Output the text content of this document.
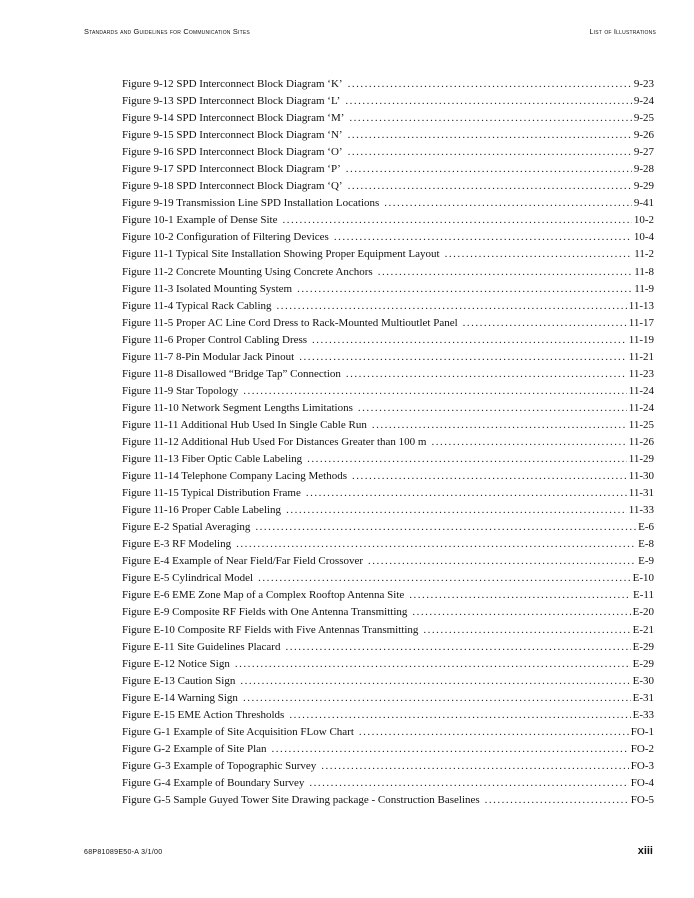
Standards and Guidelines for Communication Sites	List of Illustrations
Figure 9-12 SPD Interconnect Block Diagram ‘K’ .....	9-23
Figure 9-13 SPD Interconnect Block Diagram ‘L’ .....	9-24
Figure 9-14 SPD Interconnect Block Diagram ‘M’ .....	9-25
Figure 9-15 SPD Interconnect Block Diagram ‘N’ .....	9-26
Figure 9-16 SPD Interconnect Block Diagram ‘O’ .....	9-27
Figure 9-17 SPD Interconnect Block Diagram ‘P’ .....	9-28
Figure 9-18 SPD Interconnect Block Diagram ‘Q’ .....	9-29
Figure 9-19 Transmission Line SPD Installation Locations .....	9-41
Figure 10-1 Example of Dense Site .....	10-2
Figure 10-2 Configuration of Filtering Devices .....	10-4
Figure 11-1 Typical Site Installation Showing Proper Equipment Layout .....	11-2
Figure 11-2 Concrete Mounting Using Concrete Anchors .....	11-8
Figure 11-3 Isolated Mounting System .....	11-9
Figure 11-4 Typical Rack Cabling .....	11-13
Figure 11-5 Proper AC Line Cord Dress to Rack-Mounted Multioutlet Panel .....	11-17
Figure 11-6 Proper Control Cabling Dress .....	11-19
Figure 11-7 8-Pin Modular Jack Pinout .....	11-21
Figure 11-8 Disallowed “Bridge Tap” Connection .....	11-23
Figure 11-9 Star Topology .....	11-24
Figure 11-10 Network Segment Lengths Limitations .....	11-24
Figure 11-11 Additional Hub Used In Single Cable Run .....	11-25
Figure 11-12 Additional Hub Used For Distances Greater than 100 m .....	11-26
Figure 11-13 Fiber Optic Cable Labeling .....	11-29
Figure 11-14 Telephone Company Lacing Methods .....	11-30
Figure 11-15 Typical Distribution Frame .....	11-31
Figure 11-16 Proper Cable Labeling .....	11-33
Figure E-2 Spatial Averaging .....	E-6
Figure E-3 RF Modeling .....	E-8
Figure E-4 Example of Near Field/Far Field Crossover .....	E-9
Figure E-5 Cylindrical Model .....	E-10
Figure E-6 EME Zone Map of a Complex Rooftop Antenna Site .....	E-11
Figure E-9 Composite RF Fields with One Antenna Transmitting .....	E-20
Figure E-10 Composite RF Fields with Five Antennas Transmitting .....	E-21
Figure E-11 Site Guidelines Placard .....	E-29
Figure E-12 Notice Sign .....	E-29
Figure E-13 Caution Sign .....	E-30
Figure E-14 Warning Sign .....	E-31
Figure E-15 EME Action Thresholds .....	E-33
Figure G-1 Example of Site Acquisition FLow Chart .....	FO-1
Figure G-2 Example of Site Plan .....	FO-2
Figure G-3 Example of Topographic Survey .....	FO-3
Figure G-4 Example of Boundary Survey .....	FO-4
Figure G-5 Sample Guyed Tower Site Drawing package - Construction Baselines .....	FO-5
68P81089E50-A 3/1/00	xiii
